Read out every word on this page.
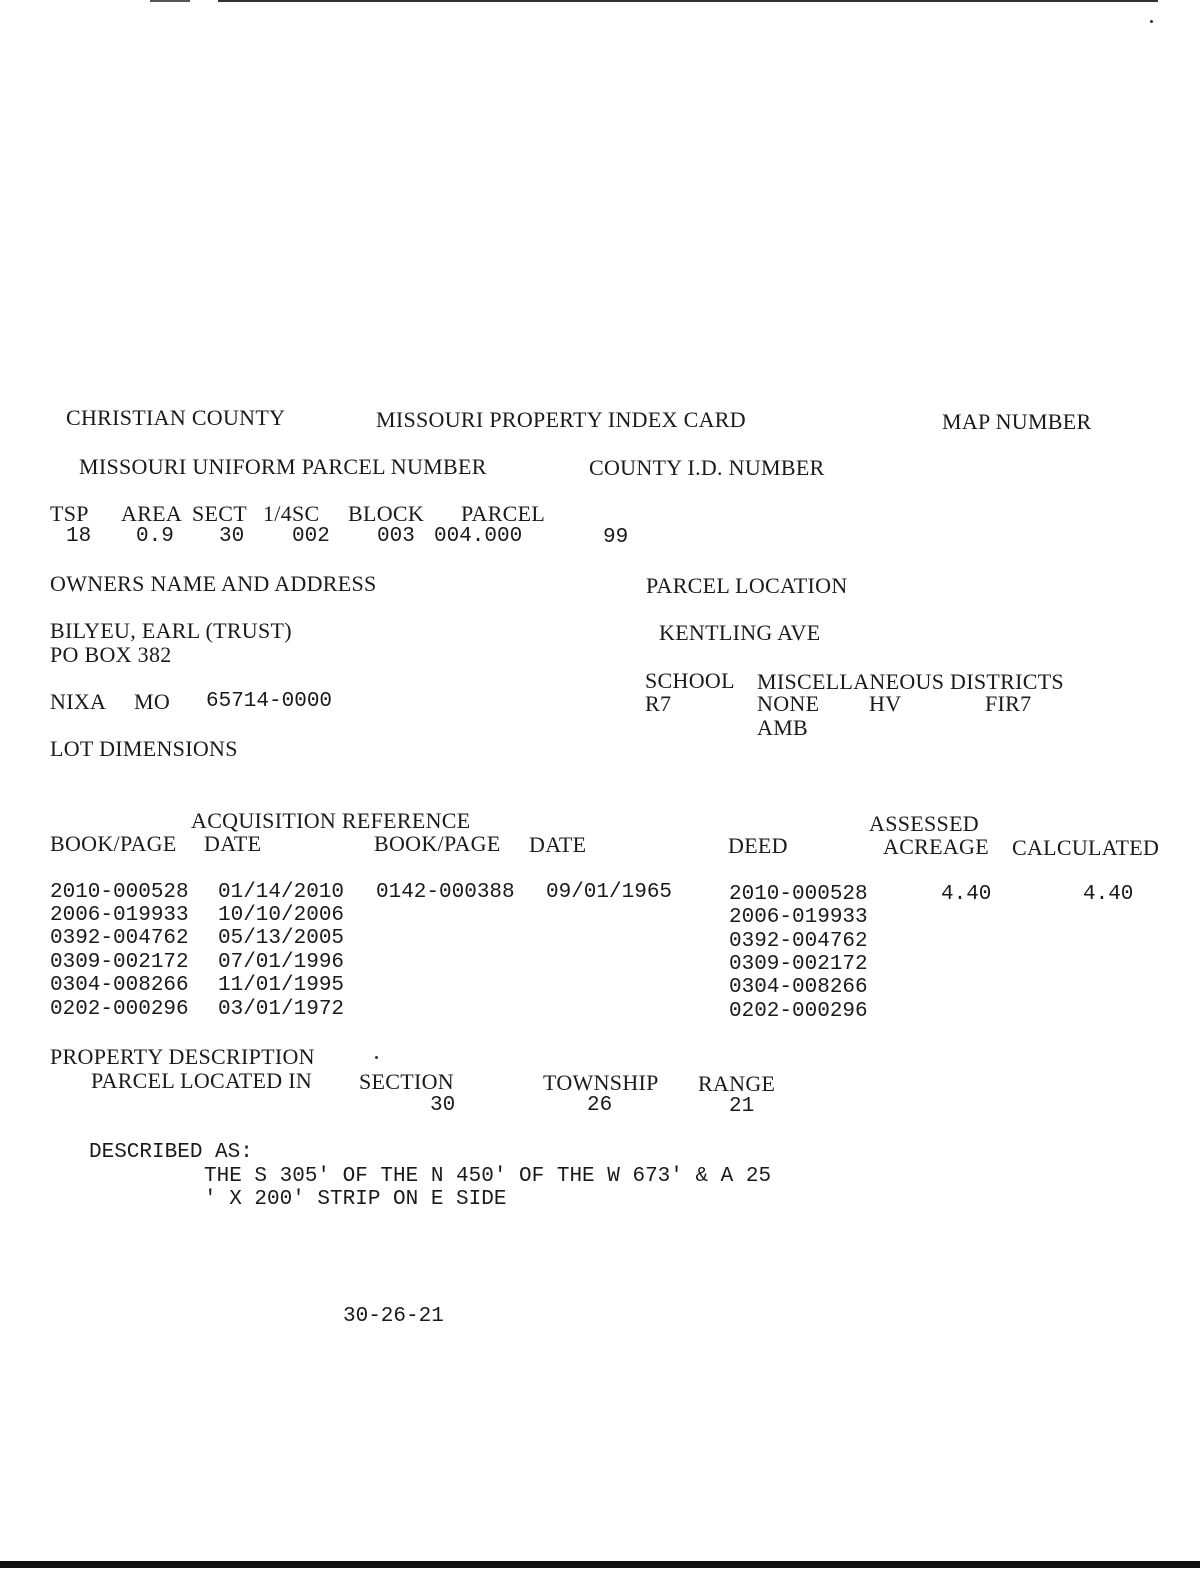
CHRISTIAN COUNTY	MISSOURI PROPERTY INDEX CARD	MAP NUMBER
MISSOURI UNIFORM PARCEL NUMBER	COUNTY I.D. NUMBER
TSP AREA SECT 1/4SC BLOCK PARCEL
18 0.9 30 002 003 004.000	99
OWNERS NAME AND ADDRESS	PARCEL LOCATION
BILYEU, EARL (TRUST)	KENTLING AVE
PO BOX 382
SCHOOL MISCELLANEOUS DISTRICTS
NIXA MO 65714-0000	R7	NONE HV	FIR7
AMB
LOT DIMENSIONS
ACQUISITION REFERENCE	ASSESSED
BOOK/PAGE DATE	BOOK/PAGE DATE	DEED	ACREAGE CALCULATED
2010-000528 01/14/2010 0142-000388 09/01/1965	2010-000528	4.40	4.40
2006-019933 10/10/2006	2006-019933
0392-004762 05/13/2005	0392-004762
0309-002172 07/01/1996	0309-002172
0304-008266 11/01/1995	0304-008266
0202-000296 03/01/1972	0202-000296
PROPERTY DESCRIPTION
PARCEL LOCATED IN SECTION	TOWNSHIP RANGE
30	26	21
DESCRIBED AS:
THE S 305' OF THE N 450' OF THE W 673' & A 25
' X 200' STRIP ON E SIDE
30-26-21
